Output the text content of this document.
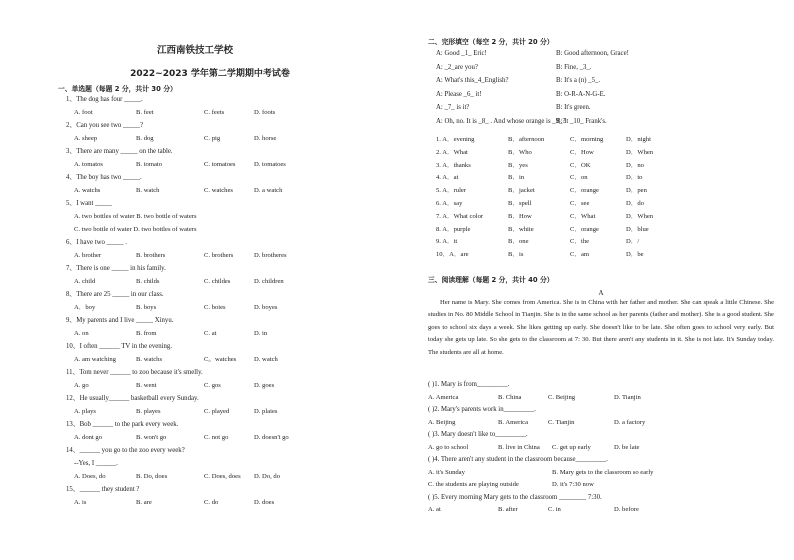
江西南铁技工学校
2022~2023 学年第二学期期中考试卷
一、单选题（每题 2 分，共计 30 分）
1、The dog has four _____.
A. foot	B. feet	C. feets	D. foots
2、Can you see two _____?
A. sheep	B. dog	C. pig	D. horse
3、There are many _____ on the table.
A. tomatos	B. tomato	C. tomatoes	D. tomatoes
4、The boy has two _____.
A. watchs	B. watch	C. watches	D. a watch
5、I want _____
A. two bottles of water B. two bottle of waters
C. two bottle of water D. two bottles of waters
6、I have two _____ .
A. brother	B. brothers	C. brothers	D. brotheres
7、There is one _____ in his family.
A. child	B. childs	C. childes	D. children
8、There are 25 _____ in our class.
A．boy	B. boys	C. boies	D. boyes
9、My parents and I live _____ Xinyu.
A. on	B. from	C. at	D. in
10、I often ______ TV in the evening.
A. am watching	B. watchs	C。watches	D. watch
11、Tom never ______ to zoo because it's smelly.
A. go	B. went	C. gos	D. goes
12、He usually______ basketball every Sunday.
A. plays	B. playes	C. played	D. plaies
13、Bob ______ to the park every week.
A. dont go	B. won't go	C. not go	D. doesn't go
14、______ you go to the zoo every week?
--Yes, I ______.
A. Does, do	B. Do, does	C. Does, does D. Do, do
15、______ they student ?
A. is	B. are	C. do	D. does
二、完形填空（每空 2 分，共计 20 分）
A: Good _1_ Eric!	B: Good afternoon, Grace!
A: _2_are you?	B: Fine, _3_.
A: What's this_4_English?	B: It's a (n) _5_.
A: Please _6_ it!	B: O-R-A-N-G-E.
A: _7_ is it?	B: It's green.
A: Oh, no. It is _8_ . And whose orange is _9_?
B: It _10_ Frank's.
1. A．evening	B．afternoon	C．morning	D．night
2. A．What	B．Who	C．How	D．When
3. A．thanks	B．yes	C．OK	D．no
4. A．at	B．in	C．on	D．to
5. A．ruler	B．jacket	C．orange	D．pen
6. A．say	B．spell	C．see	D．do
7. A．What color	B．How	C．What	D．When
8. A．purple	B．white	C．orange	D．blue
9. A．it	B．one	C．the	D．/
10．A．are	B．is	C．am	D．be
三、阅读理解（每题 2 分，共计 40 分）
A
Her name is Mary. She comes from America. She is in China with her father and mother. She can speak a little Chinese. She studies in No. 80 Middle School in Tianjin. She is in the same school as her parents (father and mother). She is a good student. She goes to school six days a week. She likes getting up early. She doesn't like to be late. She often goes to school very early. But today she gets up late. So she gets to the classroom at 7: 30. But there aren't any students in it. She is not late. It's Sunday today. The students are all at home.
( )1. Mary is from_________.
A. America	B. China	C. Beijing	D. Tianjin
( )2. Mary's parents work in_________.
A. Beijing	B. America	C. Tianjin	D. a factory
( )3. Mary doesn't like to_________.
A. go to school	B. live in China C. get up early	D. be late
( )4. There aren't any student in the classroom because_________.
A. it's Sunday	B. Mary gets to the classroom so early
C. the students are playing outside	D. it's 7:30 now
( )5. Every morning Mary gets to the classroom ________ 7:30.
A. at	B. after	C. in	D. before
